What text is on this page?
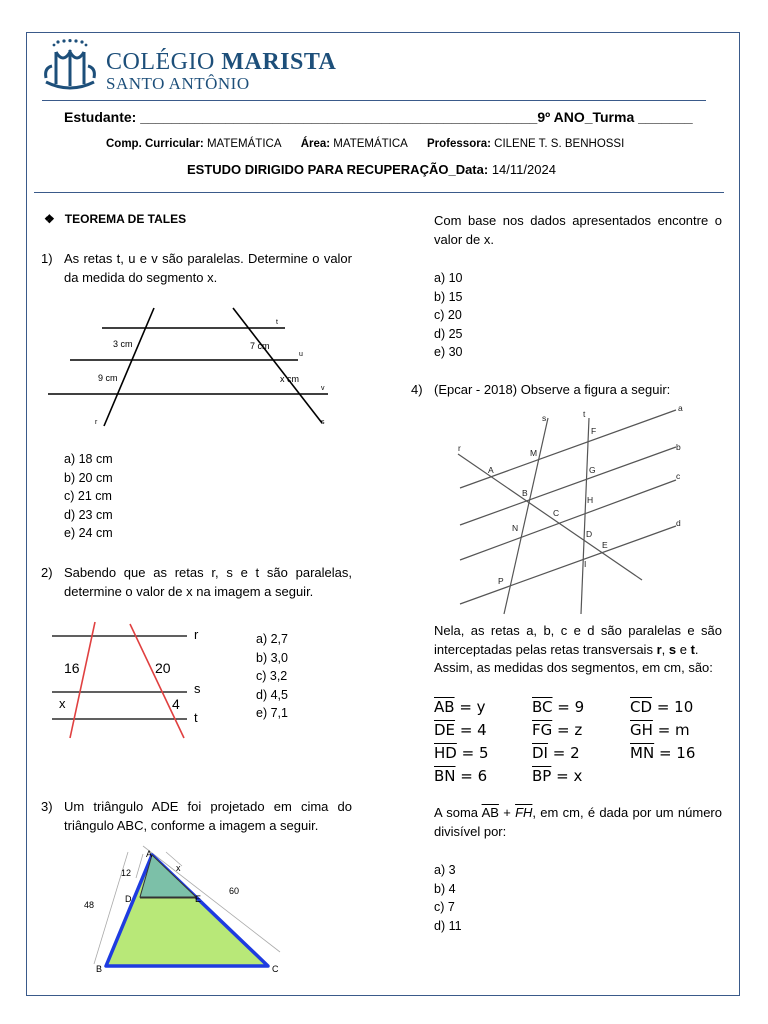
COLÉGIO MARISTA
SANTO ANTÔNIO
Estudante: ___________________________________________________9º ANO_Turma _______
Comp. Curricular: MATEMÁTICA Área: MATEMÁTICA Professora: CILENE T. S. BENHOSSI
ESTUDO DIRIGIDO PARA RECUPERAÇÃO_Data: 14/11/2024
❖ TEOREMA DE TALES
1) As retas t, u e v são paralelas. Determine o valor da medida do segmento x.
3 cm
9 cm
7 cm
x cm
t
u
v
r	s
a) 18 cm
b) 20 cm
c) 21 cm
d) 23 cm
e) 24 cm
2) Sabendo que as retas r, s e t são paralelas, determine o valor de x na imagem a seguir.
16	20
x	4
r
s
t
a) 2,7
b) 3,0
c) 3,2
d) 4,5
e) 7,1
3) Um triângulo ADE foi projetado em cima do triângulo ABC, conforme a imagem a seguir.
A
B	C
D	E
12	x
48
60
Com base nos dados apresentados encontre o valor de x.
a) 10
b) 15
c) 20
d) 25
e) 30
4) (Epcar - 2018) Observe a figura a seguir:
a
b
c
d
r
s	t
A
B
C
D
E
F
G
H
I
M
N
P
Nela, as retas a, b, c e d são paralelas e são interceptadas pelas retas transversais r, s e t.
Assim, as medidas dos segmentos, em cm, são:
$\overline{AB} = y$	$\overline{BC} = 9$	$\overline{CD} = 10$
$\overline{DE} = 4$	$\overline{FG} = z$	$\overline{GH} = m$
$\overline{HD} = 5$	$\overline{DI} = 2$	$\overline{MN} = 16$
$\overline{BN} = 6$	$\overline{BP} = x$
A soma $\overline{AB} + \overline{FH}$, em cm, é dada por um número divisível por:
a) 3
b) 4
c) 7
d) 11
